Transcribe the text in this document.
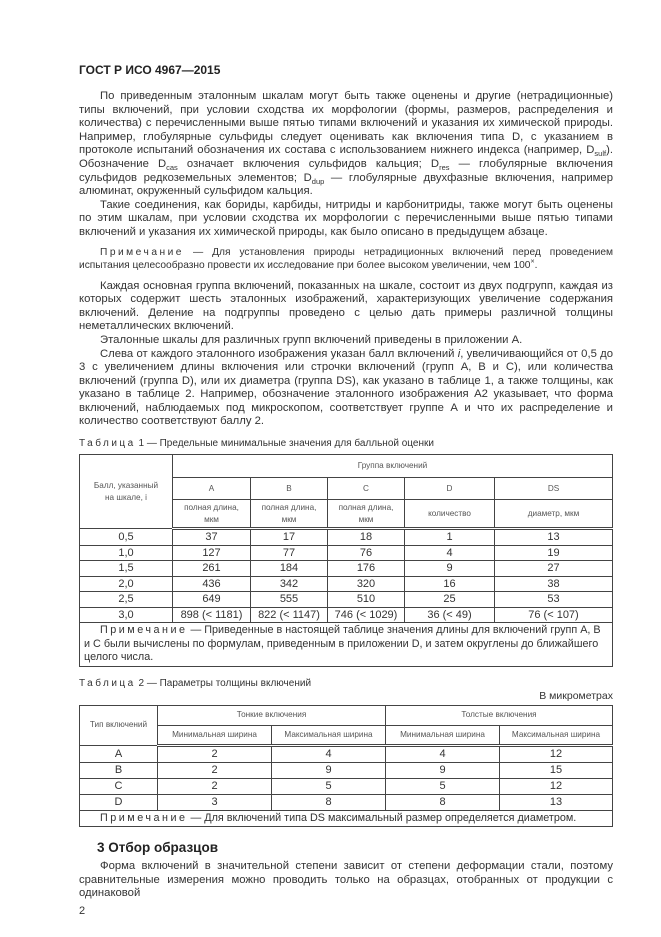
ГОСТ Р ИСО 4967—2015

По приведенным эталонным шкалам могут быть также оценены и другие (нетрадиционные) типы включений, при условии сходства их морфологии (формы, размеров, распределения и количества) с перечисленными выше пятью типами включений и указания их химической природы. Например, глобулярные сульфиды следует оценивать как включения типа D, с указанием в протоколе испытаний обозначения их состава с использованием нижнего индекса (например, $D_{sulf}$). Обозначение $D_{cas}$ означает включения сульфидов кальция; $D_{res}$ — глобулярные включения сульфидов редкоземельных элементов; $D_{dup}$ — глобулярные двухфазные включения, например алюминат, окруженный сульфидом кальция.

Такие соединения, как бориды, карбиды, нитриды и карбонитриды, также могут быть оценены по этим шкалам, при условии сходства их морфологии с перечисленными выше пятью типами включений и указания их химической природы, как было описано в предыдущем абзаце.

Примечание — Для установления природы нетрадиционных включений перед проведением испытания целесообразно провести их исследование при более высоком увеличении, чем 100×.

Каждая основная группа включений, показанных на шкале, состоит из двух подгрупп, каждая из которых содержит шесть эталонных изображений, характеризующих увеличение содержания включений. Деление на подгруппы проведено с целью дать примеры различной толщины неметаллических включений.

Эталонные шкалы для различных групп включений приведены в приложении А.

Слева от каждого эталонного изображения указан балл включений i, увеличивающийся от 0,5 до 3 с увеличением длины включения или строчки включений (групп А, В и С), или количества включений (группа D), или их диаметра (группа DS), как указано в таблице 1, а также толщины, как указано в таблице 2. Например, обозначение эталонного изображения А2 указывает, что форма включений, наблюдаемых под микроскопом, соответствует группе А и что их распределение и количество соответствуют баллу 2.

Таблица 1 — Предельные минимальные значения для балльной оценки
Балл, указанный на шкале, i	Группа включений				
	A	B	C	D	DS
	полная длина, мкм	полная длина, мкм	полная длина, мкм	количество	диаметр, мкм
0,5	37	17	18	1	13
1,0	127	77	76	4	19
1,5	261	184	176	9	27
2,0	436	342	320	16	38
2,5	649	555	510	25	53
3,0	898 (< 1181)	822 (< 1147)	746 (< 1029)	36 (< 49)	76 (< 107)
Примечание — Приведенные в настоящей таблице значения длины для включений групп А, В и С были вычислены по формулам, приведенным в приложении D, и затем округлены до ближайшего целого числа.					
Таблица 2 — Параметры толщины включений
В микрометрах
Тип включений	Тонкие включения		Толстые включения	
	Минимальная ширина	Максимальная ширина	Минимальная ширина	Максимальная ширина
A	2	4	4	12
B	2	9	9	15
C	2	5	5	12
D	3	8	8	13
Примечание — Для включений типа DS максимальный размер определяется диаметром.				
3 Отбор образцов

Форма включений в значительной степени зависит от степени деформации стали, поэтому сравнительные измерения можно проводить только на образцах, отобранных от продукции с одинаковой

2
